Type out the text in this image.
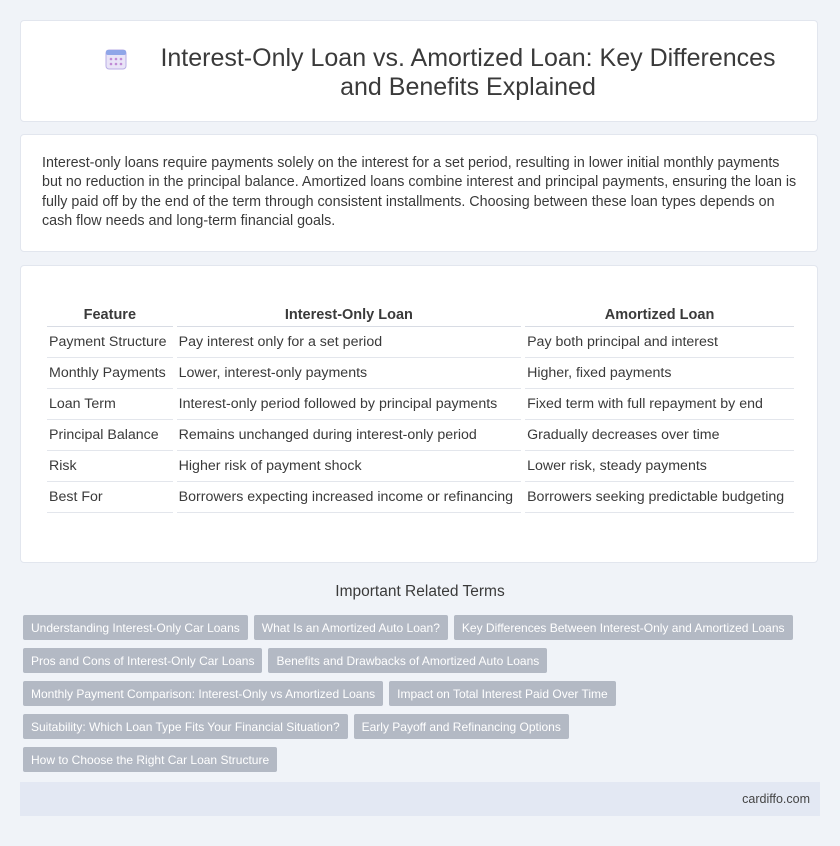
Interest-Only Loan vs. Amortized Loan: Key Differences and Benefits Explained
Interest-only loans require payments solely on the interest for a set period, resulting in lower initial monthly payments but no reduction in the principal balance. Amortized loans combine interest and principal payments, ensuring the loan is fully paid off by the end of the term through consistent installments. Choosing between these loan types depends on cash flow needs and long-term financial goals.
Feature	Interest-Only Loan	Amortized Loan
Payment Structure	Pay interest only for a set period	Pay both principal and interest
Monthly Payments	Lower, interest-only payments	Higher, fixed payments
Loan Term	Interest-only period followed by principal payments	Fixed term with full repayment by end
Principal Balance	Remains unchanged during interest-only period	Gradually decreases over time
Risk	Higher risk of payment shock	Lower risk, steady payments
Best For	Borrowers expecting increased income or refinancing	Borrowers seeking predictable budgeting
Important Related Terms
Understanding Interest-Only Car Loans What Is an Amortized Auto Loan? Key Differences Between Interest-Only and Amortized Loans Pros and Cons of Interest-Only Car Loans Benefits and Drawbacks of Amortized Auto Loans Monthly Payment Comparison: Interest-Only vs Amortized Loans Impact on Total Interest Paid Over Time Suitability: Which Loan Type Fits Your Financial Situation? Early Payoff and Refinancing Options How to Choose the Right Car Loan Structure
cardiffo.com
